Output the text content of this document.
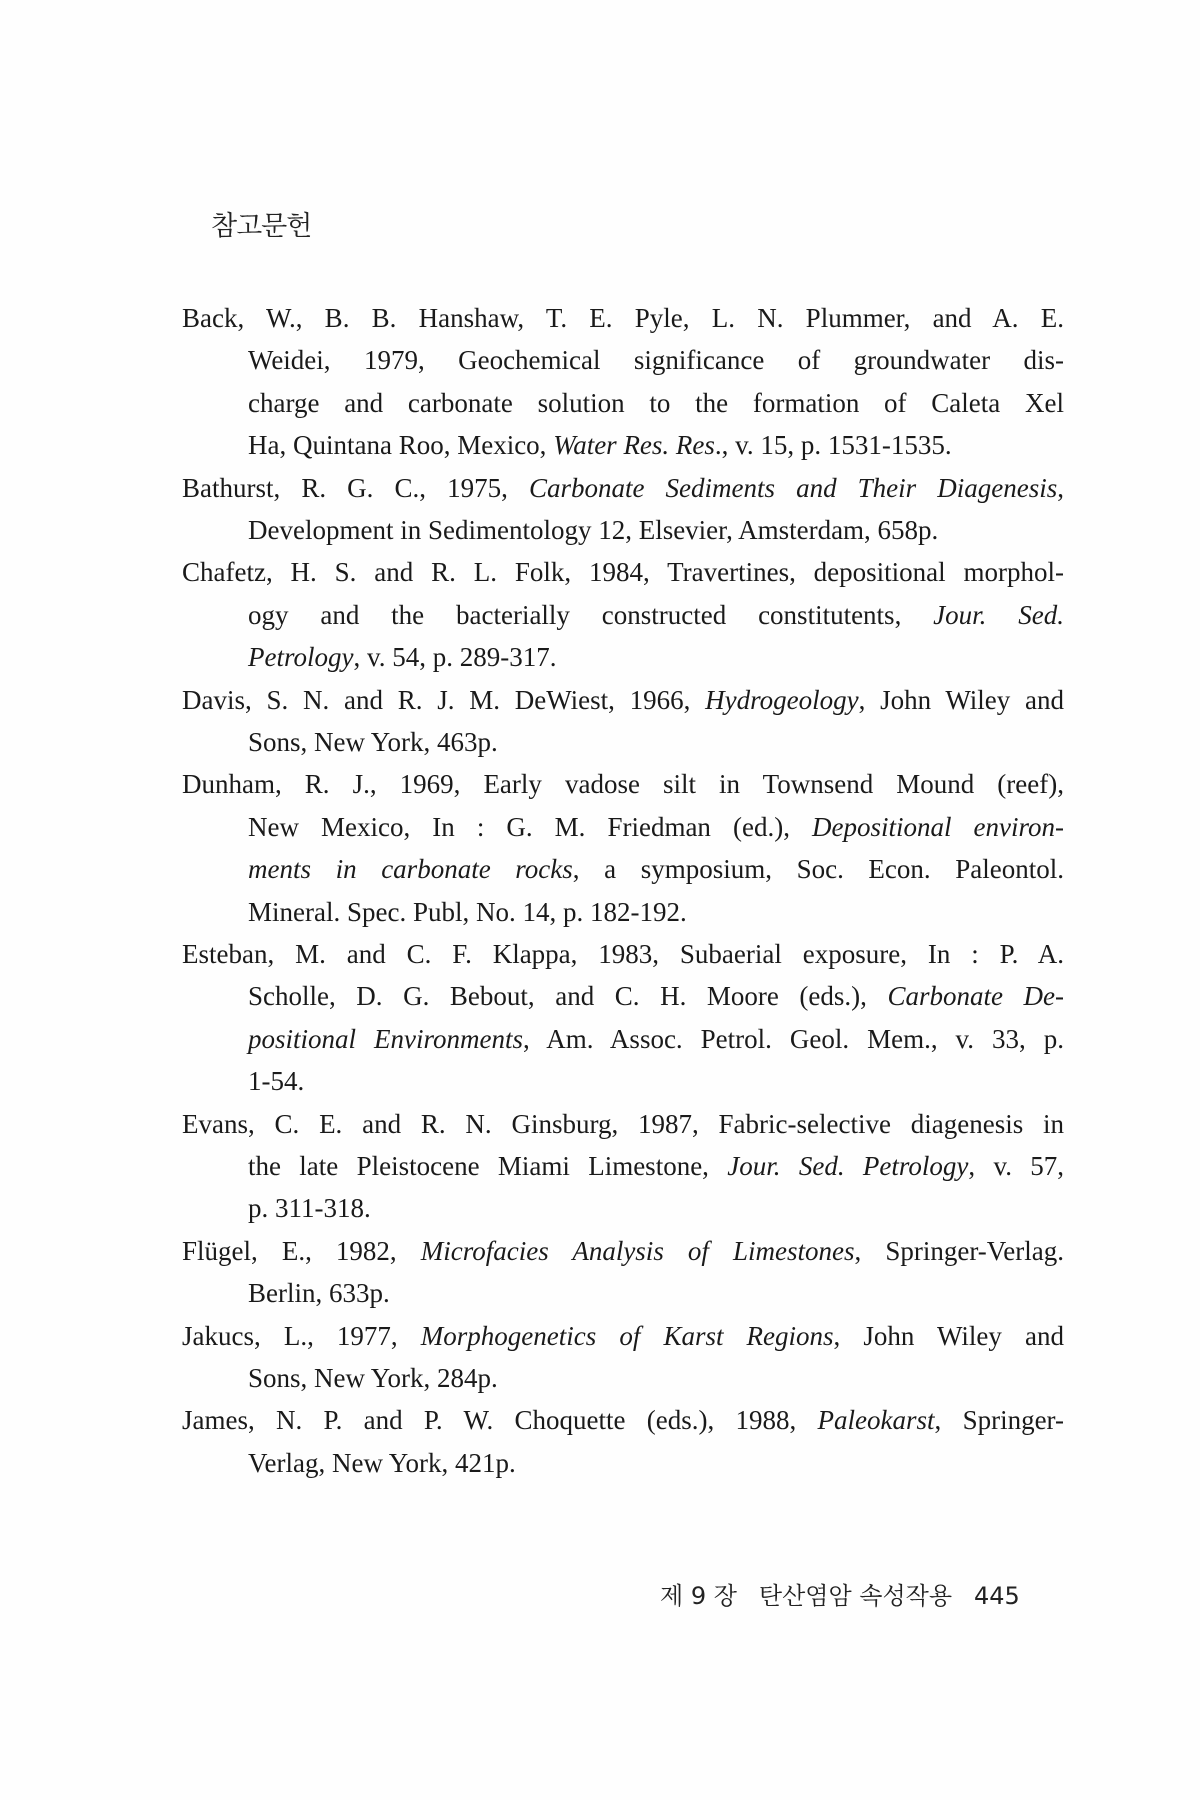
참고문헌
Back, W., B. B. Hanshaw, T. E. Pyle, L. N. Plummer, and A. E.
Weidei, 1979, Geochemical significance of groundwater dis-
charge and carbonate solution to the formation of Caleta Xel
Ha, Quintana Roo, Mexico, Water Res. Res., v. 15, p. 1531-1535.
Bathurst, R. G. C., 1975, Carbonate Sediments and Their Diagenesis,
Development in Sedimentology 12, Elsevier, Amsterdam, 658p.
Chafetz, H. S. and R. L. Folk, 1984, Travertines, depositional morphol-
ogy and the bacterially constructed constitutents, Jour. Sed.
Petrology, v. 54, p. 289-317.
Davis, S. N. and R. J. M. DeWiest, 1966, Hydrogeology, John Wiley and
Sons, New York, 463p.
Dunham, R. J., 1969, Early vadose silt in Townsend Mound (reef),
New Mexico, In : G. M. Friedman (ed.), Depositional environ-
ments in carbonate rocks, a symposium, Soc. Econ. Paleontol.
Mineral. Spec. Publ, No. 14, p. 182-192.
Esteban, M. and C. F. Klappa, 1983, Subaerial exposure, In : P. A.
Scholle, D. G. Bebout, and C. H. Moore (eds.), Carbonate De-
positional Environments, Am. Assoc. Petrol. Geol. Mem., v. 33, p.
1-54.
Evans, C. E. and R. N. Ginsburg, 1987, Fabric-selective diagenesis in
the late Pleistocene Miami Limestone, Jour. Sed. Petrology, v. 57,
p. 311-318.
Flügel, E., 1982, Microfacies Analysis of Limestones, Springer-Verlag.
Berlin, 633p.
Jakucs, L., 1977, Morphogenetics of Karst Regions, John Wiley and
Sons, New York, 284p.
James, N. P. and P. W. Choquette (eds.), 1988, Paleokarst, Springer-
Verlag, New York, 421p.
제 9 장 탄산염암 속성작용 445
